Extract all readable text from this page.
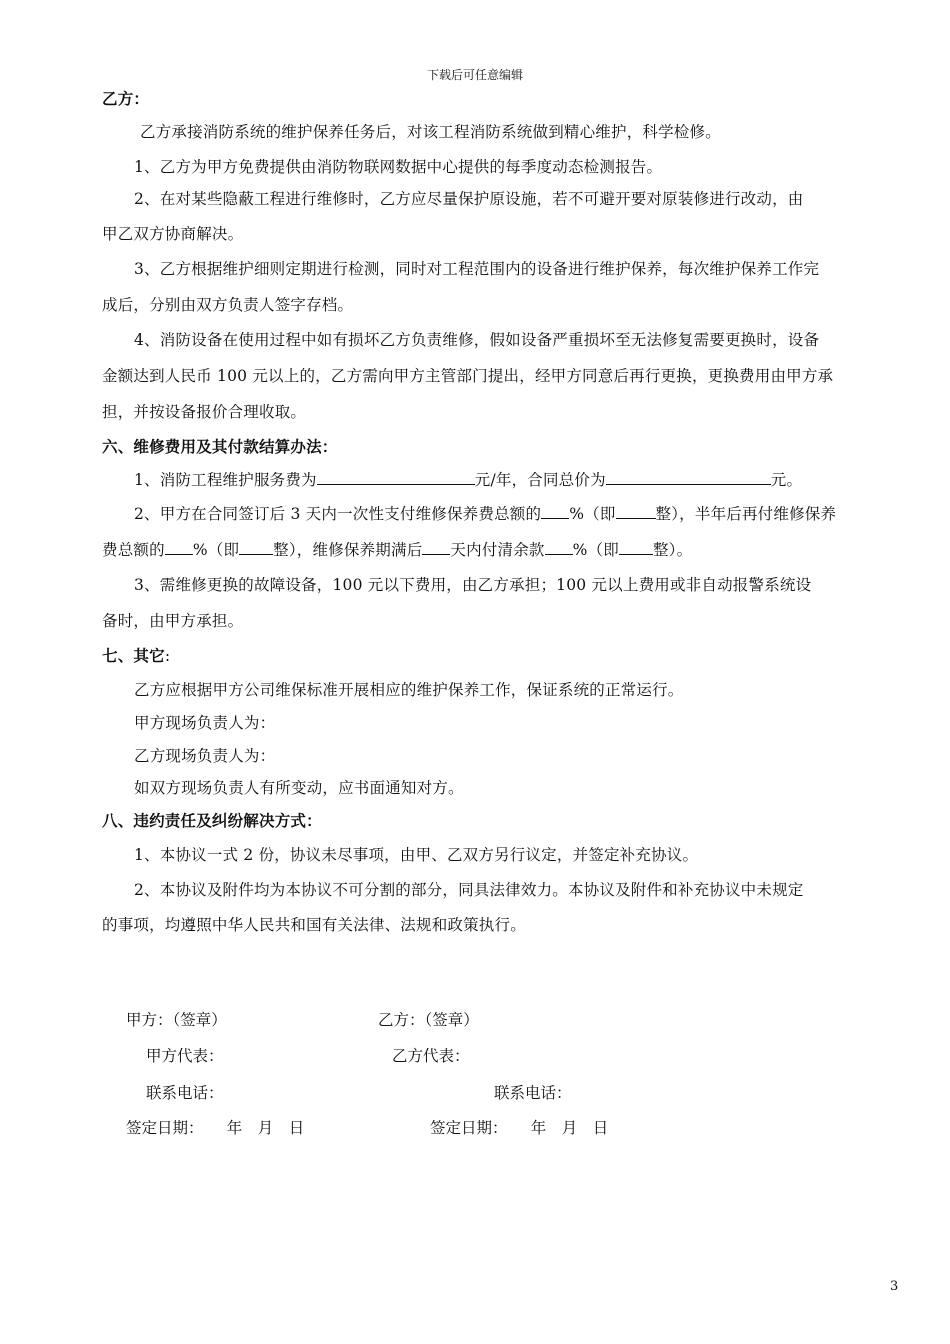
下载后可任意编辑
乙方：
乙方承接消防系统的维护保养任务后，对该工程消防系统做到精心维护，科学检修。
1、乙方为甲方免费提供由消防物联网数据中心提供的每季度动态检测报告。
2、在对某些隐蔽工程进行维修时，乙方应尽量保护原设施，若不可避开要对原装修进行改动，由
甲乙双方协商解决。
3、乙方根据维护细则定期进行检测，同时对工程范围内的设备进行维护保养，每次维护保养工作完
成后，分别由双方负责人签字存档。
4、消防设备在使用过程中如有损坏乙方负责维修，假如设备严重损坏至无法修复需要更换时，设备
金额达到人民币 100 元以上的，乙方需向甲方主管部门提出，经甲方同意后再行更换，更换费用由甲方承
担，并按设备报价合理收取。
六、维修费用及其付款结算办法：
1、消防工程维护服务费为	元/年，合同总价为	元。
2、甲方在合同签订后 3 天内一次性支付维修保养费总额的 %（即	整），半年后再付维修保养
费总额的 %（即 整），维修保养期满后 天内付清余款 %（即 整）。
3、需维修更换的故障设备，100 元以下费用，由乙方承担；100 元以上费用或非自动报警系统设
备时，由甲方承担。
七、其它:
乙方应根据甲方公司维保标准开展相应的维护保养工作，保证系统的正常运行。
甲方现场负责人为：
乙方现场负责人为：
如双方现场负责人有所变动，应书面通知对方。
八、违约责任及纠纷解决方式：
1、本协议一式 2 份，协议未尽事项，由甲、乙双方另行议定，并签定补充协议。
2、本协议及附件均为本协议不可分割的部分，同具法律效力。本协议及附件和补充协议中未规定
的事项，均遵照中华人民共和国有关法律、法规和政策执行。
甲方：（签章）	乙方：（签章）
甲方代表：	乙方代表：
联系电话：	联系电话：
签定日期：　　年　月　日	签定日期：　　年　月　日
3
